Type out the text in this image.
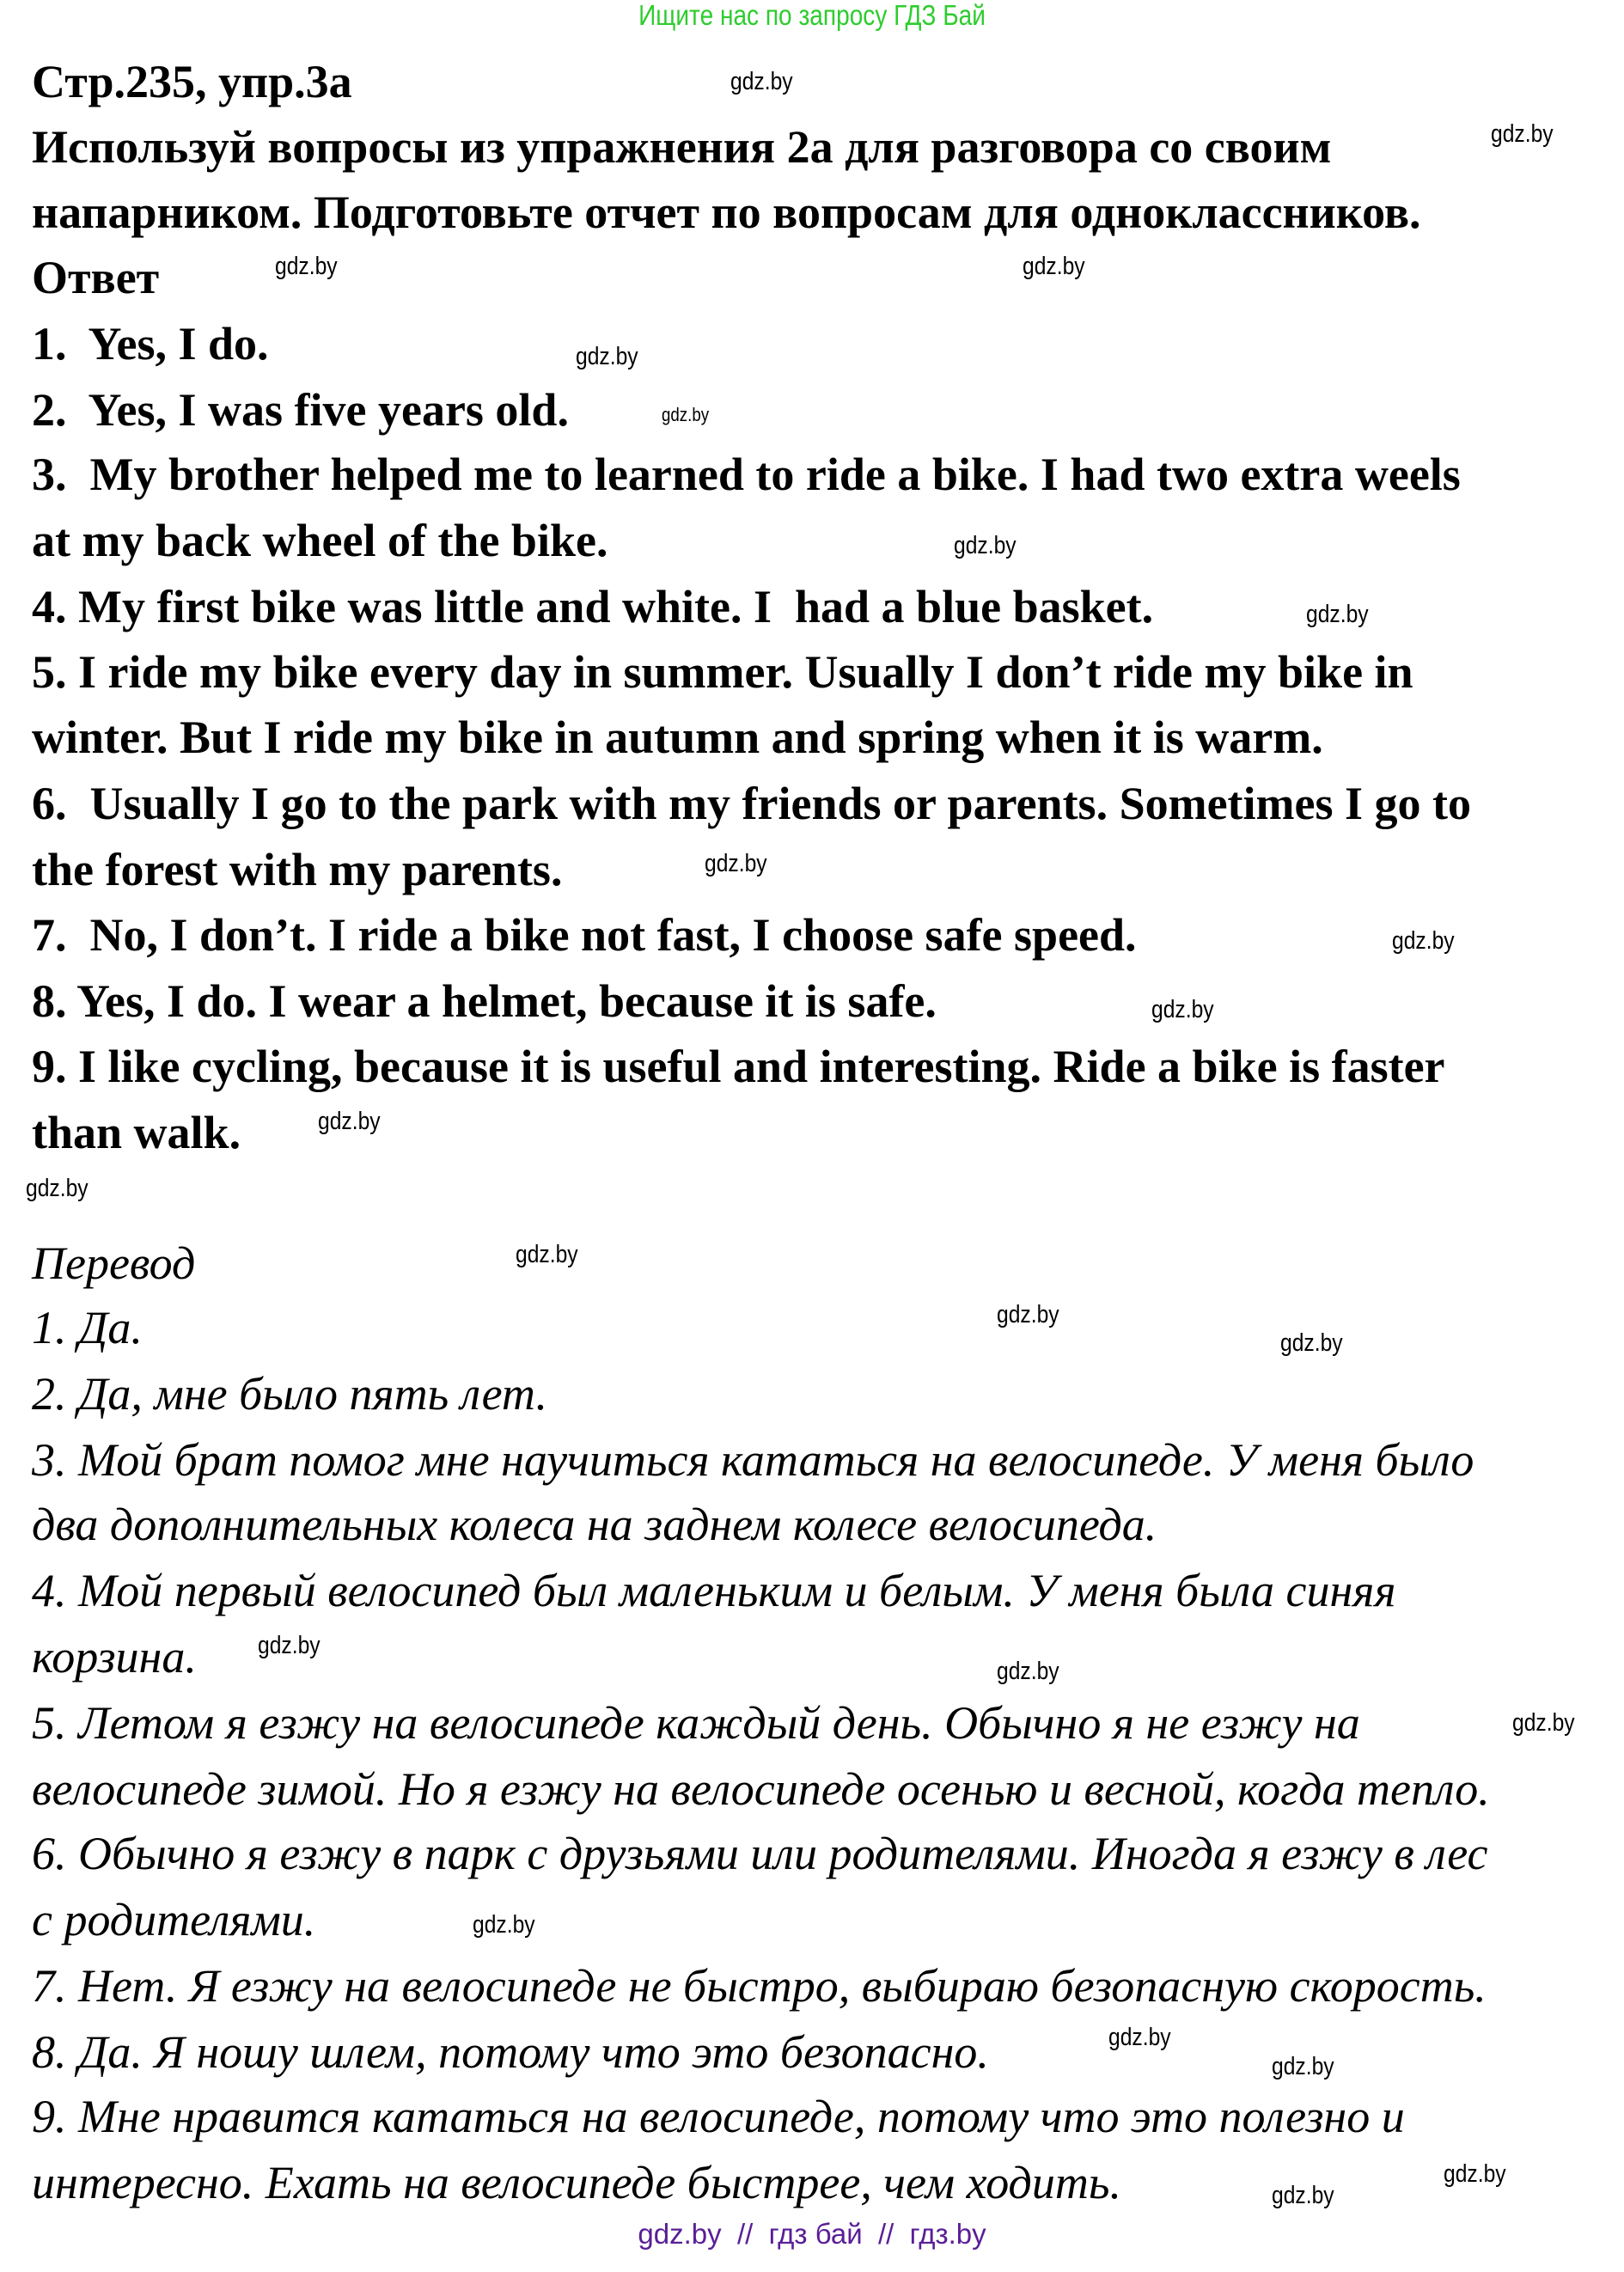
Ищите нас по запросу ГДЗ Бай
Стр.235, упр.3а
Используй вопросы из упражнения 2а для разговора со своим
напарником. Подготовьте отчет по вопросам для одноклассников.
Ответ
1.  Yes, I do.
2.  Yes, I was five years old.
3.  My brother helped me to learned to ride a bike. I had two extra weels
at my back wheel of the bike.
4. My first bike was little and white. I  had a blue basket.
5. I ride my bike every day in summer. Usually I don’t ride my bike in
winter. But I ride my bike in autumn and spring when it is warm.
6.  Usually I go to the park with my friends or parents. Sometimes I go to
the forest with my parents.
7.  No, I don’t. I ride a bike not fast, I choose safe speed.
8. Yes, I do. I wear a helmet, because it is safe.
9. I like cycling, because it is useful and interesting. Ride a bike is faster
than walk.
Перевод
1. Да.
2. Да, мне было пять лет.
3. Мой брат помог мне научиться кататься на велосипеде. У меня было
два дополнительных колеса на заднем колесе велосипеда.
4. Мой первый велосипед был маленьким и белым. У меня была синяя
корзина.
5. Летом я езжу на велосипеде каждый день. Обычно я не езжу на
велосипеде зимой. Но я езжу на велосипеде осенью и весной, когда тепло.
6. Обычно я езжу в парк с друзьями или родителями. Иногда я езжу в лес
с родителями.
7. Нет. Я езжу на велосипеде не быстро, выбираю безопасную скорость.
8. Да. Я ношу шлем, потому что это безопасно.
9. Мне нравится кататься на велосипеде, потому что это полезно и
интересно. Ехать на велосипеде быстрее, чем ходить.
gdz.by
gdz.by
gdz.by
gdz.by
gdz.by
gdz.by
gdz.by
gdz.by
gdz.by
gdz.by
gdz.by
gdz.by
gdz.by
gdz.by
gdz.by
gdz.by
gdz.by
gdz.by
gdz.by
gdz.by
gdz.by
gdz.by
gdz.by
gdz.by
gdz.by  //  гдз бай  //  гдз.by
